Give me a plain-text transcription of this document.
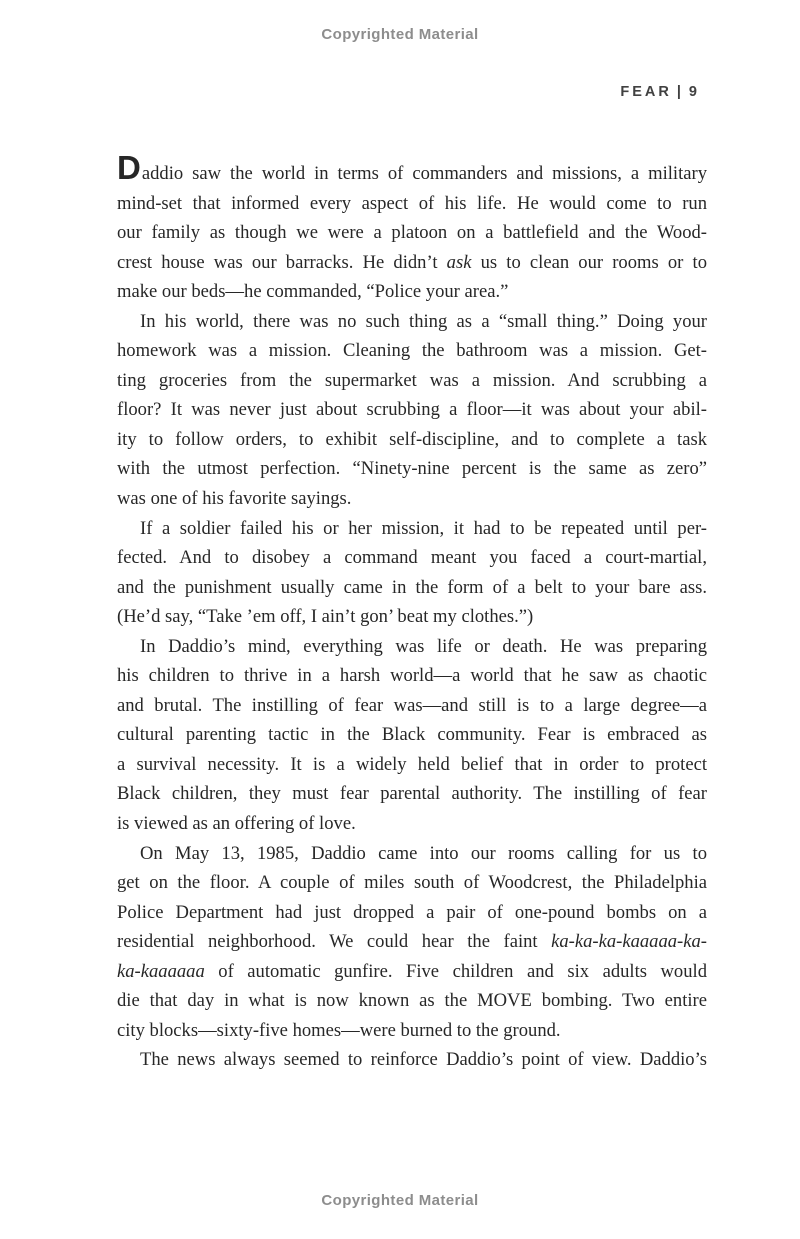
Copyrighted Material
FEAR | 9
Daddio saw the world in terms of commanders and missions, a military
mind-set that informed every aspect of his life. He would come to run
our family as though we were a platoon on a battlefield and the Wood-
crest house was our barracks. He didn’t ask us to clean our rooms or to
make our beds—he commanded, “Police your area.”
In his world, there was no such thing as a “small thing.” Doing your
homework was a mission. Cleaning the bathroom was a mission. Get-
ting groceries from the supermarket was a mission. And scrubbing a
floor? It was never just about scrubbing a floor—it was about your abil-
ity to follow orders, to exhibit self-discipline, and to complete a task
with the utmost perfection. “Ninety-nine percent is the same as zero”
was one of his favorite sayings.
If a soldier failed his or her mission, it had to be repeated until per-
fected. And to disobey a command meant you faced a court-martial,
and the punishment usually came in the form of a belt to your bare ass.
(He’d say, “Take ’em off, I ain’t gon’ beat my clothes.”)
In Daddio’s mind, everything was life or death. He was preparing
his children to thrive in a harsh world—a world that he saw as chaotic
and brutal. The instilling of fear was—and still is to a large degree—a
cultural parenting tactic in the Black community. Fear is embraced as
a survival necessity. It is a widely held belief that in order to protect
Black children, they must fear parental authority. The instilling of fear
is viewed as an offering of love.
On May 13, 1985, Daddio came into our rooms calling for us to
get on the floor. A couple of miles south of Woodcrest, the Philadelphia
Police Department had just dropped a pair of one-pound bombs on a
residential neighborhood. We could hear the faint ka-ka-ka-kaaaaa-ka-
ka-kaaaaaa of automatic gunfire. Five children and six adults would
die that day in what is now known as the MOVE bombing. Two entire
city blocks—sixty-five homes—were burned to the ground.
The news always seemed to reinforce Daddio’s point of view. Daddio’s
Copyrighted Material
